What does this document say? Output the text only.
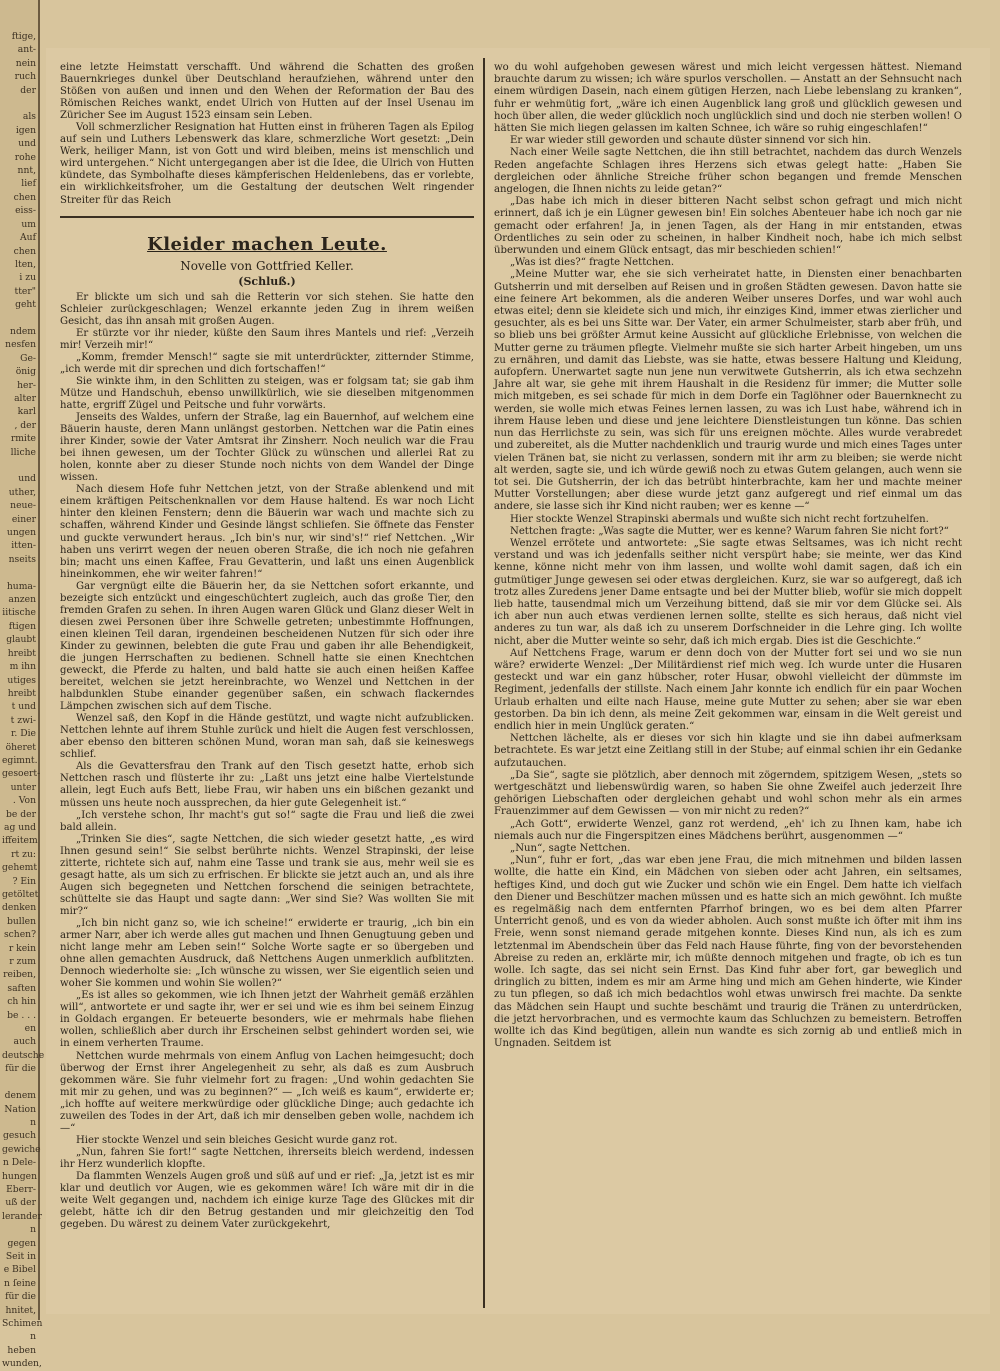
ftige,
ant-
nein
ruch
der

als
igen
und
rohe
nnt,
lief
chen
eiss-
um
Auf
chen
lten,
i zu
tter"
geht

ndem
nesfen
Ge-
önig
her-
alter
karl
, der
rmite
lliche

und
uther,
neue-
einer
ungen
itten-
nseits

huma-
anzen
iitische
ftigen
glaubt
hreibt
m ihn
utiges
hreibt
t und
t zwi-
r. Die
öheret
egimnt.
gesoert-
unter
. Von
be der
ag und
iffeitem
rt zu:
gehemt
? Ein
getöltet
denken
bullen
schen?
r kein
r zum
reiben,
saften
ch hin
be . . .
en auch
deutsche
für die

denem
Nation
n gesuch
gewiche
n Dele-
hungen
Eberr-
uß der
lerander
n gegen
Seit in
e Bibel
n ſeine
für die
hnitet,
Schimen
n heben
wunden,

eine letzte Heimstatt verschafft. Und während die Schatten des großen Bauernkrieges dunkel über Deutschland heraufziehen, während unter den Stößen von außen und innen und den Wehen der Reformation der Bau des Römischen Reiches wankt, endet Ulrich von Hutten auf der Insel Usenau im Züricher See im August 1523 einsam sein Leben.

Voll schmerzlicher Resignation hat Hutten einst in früheren Tagen als Epilog auf sein und Luthers Lebenswerk das klare, schmerzliche Wort gesetzt: „Dein Werk, heiliger Mann, ist von Gott und wird bleiben, meins ist menschlich und wird untergehen.“ Nicht untergegangen aber ist die Idee, die Ulrich von Hutten kündete, das Symbolhafte dieses kämpferischen Heldenlebens, das er vorlebte, ein wirklichkeitsfroher, um die Gestaltung der deutschen Welt ringender Streiter für das Reich

Kleider machen Leute.
Novelle von Gottfried Keller.
(Schluß.)

Er blickte um sich und sah die Retterin vor sich stehen. Sie hatte den Schleier zurückgeschlagen; Wenzel erkannte jeden Zug in ihrem weißen Gesicht, das ihn ansah mit großen Augen.

Er stürzte vor ihr nieder, küßte den Saum ihres Mantels und rief: „Verzeih mir! Verzeih mir!“

„Komm, fremder Mensch!“ sagte sie mit unterdrückter, zitternder Stimme, „ich werde mit dir sprechen und dich fortschaffen!“

Sie winkte ihm, in den Schlitten zu steigen, was er folgsam tat; sie gab ihm Mütze und Handschuh, ebenso unwillkürlich, wie sie dieselben mitgenommen hatte, ergriff Zügel und Peitsche und fuhr vorwärts.

Jenseits des Waldes, unfern der Straße, lag ein Bauernhof, auf welchem eine Bäuerin hauste, deren Mann unlängst gestorben. Nettchen war die Patin eines ihrer Kinder, sowie der Vater Amtsrat ihr Zinsherr. Noch neulich war die Frau bei ihnen gewesen, um der Tochter Glück zu wünschen und allerlei Rat zu holen, konnte aber zu dieser Stunde noch nichts von dem Wandel der Dinge wissen.

Nach diesem Hofe fuhr Nettchen jetzt, von der Straße ablenkend und mit einem kräftigen Peitschenknallen vor dem Hause haltend. Es war noch Licht hinter den kleinen Fenstern; denn die Bäuerin war wach und machte sich zu schaffen, während Kinder und Gesinde längst schliefen. Sie öffnete das Fenster und guckte verwundert heraus. „Ich bin's nur, wir sind's!“ rief Nettchen. „Wir haben uns verirrt wegen der neuen oberen Straße, die ich noch nie gefahren bin; macht uns einen Kaffee, Frau Gevatterin, und laßt uns einen Augenblick hineinkommen, ehe wir weiter fahren!“

Gar vergnügt eilte die Bäuerin her, da sie Nettchen sofort erkannte, und bezeigte sich entzückt und eingeschüchtert zugleich, auch das große Tier, den fremden Grafen zu sehen. In ihren Augen waren Glück und Glanz dieser Welt in diesen zwei Personen über ihre Schwelle getreten; unbestimmte Hoffnungen, einen kleinen Teil daran, irgendeinen bescheidenen Nutzen für sich oder ihre Kinder zu gewinnen, belebten die gute Frau und gaben ihr alle Behendigkeit, die jungen Herrschaften zu bedienen. Schnell hatte sie einen Knechtchen geweckt, die Pferde zu halten, und bald hatte sie auch einen heißen Kaffee bereitet, welchen sie jetzt hereinbrachte, wo Wenzel und Nettchen in der halbdunklen Stube einander gegenüber saßen, ein schwach flackerndes Lämpchen zwischen sich auf dem Tische.

Wenzel saß, den Kopf in die Hände gestützt, und wagte nicht aufzublicken. Nettchen lehnte auf ihrem Stuhle zurück und hielt die Augen fest verschlossen, aber ebenso den bitteren schönen Mund, woran man sah, daß sie keineswegs schlief.

Als die Gevattersfrau den Trank auf den Tisch gesetzt hatte, erhob sich Nettchen rasch und flüsterte ihr zu: „Laßt uns jetzt eine halbe Viertelstunde allein, legt Euch aufs Bett, liebe Frau, wir haben uns ein bißchen gezankt und müssen uns heute noch aussprechen, da hier gute Gelegenheit ist.“

„Ich verstehe schon, Ihr macht's gut so!“ sagte die Frau und ließ die zwei bald allein.

„Trinken Sie dies“, sagte Nettchen, die sich wieder gesetzt hatte, „es wird Ihnen gesund sein!“ Sie selbst berührte nichts. Wenzel Strapinski, der leise zitterte, richtete sich auf, nahm eine Tasse und trank sie aus, mehr weil sie es gesagt hatte, als um sich zu erfrischen. Er blickte sie jetzt auch an, und als ihre Augen sich begegneten und Nettchen forschend die seinigen betrachtete, schüttelte sie das Haupt und sagte dann: „Wer sind Sie? Was wollten Sie mit mir?“

„Ich bin nicht ganz so, wie ich scheine!“ erwiderte er traurig, „ich bin ein armer Narr, aber ich werde alles gut machen und Ihnen Genugtuung geben und nicht lange mehr am Leben sein!“ Solche Worte sagte er so übergeben und ohne allen gemachten Ausdruck, daß Nettchens Augen unmerklich aufblitzten. Dennoch wiederholte sie: „Ich wünsche zu wissen, wer Sie eigentlich seien und woher Sie kommen und wohin Sie wollen?“

„Es ist alles so gekommen, wie ich Ihnen jetzt der Wahrheit gemäß erzählen will“, antwortete er und sagte ihr, wer er sei und wie es ihm bei seinem Einzug in Goldach ergangen. Er beteuerte besonders, wie er mehrmals habe fliehen wollen, schließlich aber durch ihr Erscheinen selbst gehindert worden sei, wie in einem verherten Traume.

Nettchen wurde mehrmals von einem Anflug von Lachen heimgesucht; doch überwog der Ernst ihrer Angelegenheit zu sehr, als daß es zum Ausbruch gekommen wäre. Sie fuhr vielmehr fort zu fragen: „Und wohin gedachten Sie mit mir zu gehen, und was zu beginnen?“ — „Ich weiß es kaum“, erwiderte er; „ich hoffte auf weitere merkwürdige oder glückliche Dinge; auch gedachte ich zuweilen des Todes in der Art, daß ich mir denselben geben wolle, nachdem ich —“

Hier stockte Wenzel und sein bleiches Gesicht wurde ganz rot.

„Nun, fahren Sie fort!“ sagte Nettchen, ihrerseits bleich werdend, indessen ihr Herz wunderlich klopfte.

Da flammten Wenzels Augen groß und süß auf und er rief: „Ja, jetzt ist es mir klar und deutlich vor Augen, wie es gekommen wäre! Ich wäre mit dir in die weite Welt gegangen und, nachdem ich einige kurze Tage des Glückes mit dir gelebt, hätte ich dir den Betrug gestanden und mir gleichzeitig den Tod gegeben. Du wärest zu deinem Vater zurückgekehrt,

wo du wohl aufgehoben gewesen wärest und mich leicht vergessen hättest. Niemand brauchte darum zu wissen; ich wäre spurlos verschollen. — Anstatt an der Sehnsucht nach einem würdigen Dasein, nach einem gütigen Herzen, nach Liebe lebenslang zu kranken“, fuhr er wehmütig fort, „wäre ich einen Augenblick lang groß und glücklich gewesen und hoch über allen, die weder glücklich noch unglücklich sind und doch nie sterben wollen! O hätten Sie mich liegen gelassen im kalten Schnee, ich wäre so ruhig eingeschlafen!“

Er war wieder still geworden und schaute düster sinnend vor sich hin.

Nach einer Weile sagte Nettchen, die ihn still betrachtet, nachdem das durch Wenzels Reden angefachte Schlagen ihres Herzens sich etwas gelegt hatte: „Haben Sie dergleichen oder ähnliche Streiche früher schon begangen und fremde Menschen angelogen, die Ihnen nichts zu leide getan?“

„Das habe ich mich in dieser bitteren Nacht selbst schon gefragt und mich nicht erinnert, daß ich je ein Lügner gewesen bin! Ein solches Abenteuer habe ich noch gar nie gemacht oder erfahren! Ja, in jenen Tagen, als der Hang in mir entstanden, etwas Ordentliches zu sein oder zu scheinen, in halber Kindheit noch, habe ich mich selbst überwunden und einem Glück entsagt, das mir beschieden schien!“

„Was ist dies?“ fragte Nettchen.

„Meine Mutter war, ehe sie sich verheiratet hatte, in Diensten einer benachbarten Gutsherrin und mit derselben auf Reisen und in großen Städten gewesen. Davon hatte sie eine feinere Art bekommen, als die anderen Weiber unseres Dorfes, und war wohl auch etwas eitel; denn sie kleidete sich und mich, ihr einziges Kind, immer etwas zierlicher und gesuchter, als es bei uns Sitte war. Der Vater, ein armer Schulmeister, starb aber früh, und so blieb uns bei größter Armut keine Aussicht auf glückliche Erlebnisse, von welchen die Mutter gerne zu träumen pflegte. Vielmehr mußte sie sich harter Arbeit hingeben, um uns zu ernähren, und damit das Liebste, was sie hatte, etwas bessere Haltung und Kleidung, aufopfern. Unerwartet sagte nun jene nun verwitwete Gutsherrin, als ich etwa sechzehn Jahre alt war, sie gehe mit ihrem Haushalt in die Residenz für immer; die Mutter solle mich mitgeben, es sei schade für mich in dem Dorfe ein Taglöhner oder Bauernknecht zu werden, sie wolle mich etwas Feines lernen lassen, zu was ich Lust habe, während ich in ihrem Hause leben und diese und jene leichtere Dienstleistungen tun könne. Das schien nun das Herrlichste zu sein, was sich für uns ereignen möchte. Alles wurde verabredet und zubereitet, als die Mutter nachdenklich und traurig wurde und mich eines Tages unter vielen Tränen bat, sie nicht zu verlassen, sondern mit ihr arm zu bleiben; sie werde nicht alt werden, sagte sie, und ich würde gewiß noch zu etwas Gutem gelangen, auch wenn sie tot sei. Die Gutsherrin, der ich das betrübt hinterbrachte, kam her und machte meiner Mutter Vorstellungen; aber diese wurde jetzt ganz aufgeregt und rief einmal um das andere, sie lasse sich ihr Kind nicht rauben; wer es kenne —“

Hier stockte Wenzel Strapinski abermals und wußte sich nicht recht fortzuhelfen.

Nettchen fragte: „Was sagte die Mutter, wer es kenne? Warum fahren Sie nicht fort?“

Wenzel errötete und antwortete: „Sie sagte etwas Seltsames, was ich nicht recht verstand und was ich jedenfalls seither nicht verspürt habe; sie meinte, wer das Kind kenne, könne nicht mehr von ihm lassen, und wollte wohl damit sagen, daß ich ein gutmütiger Junge gewesen sei oder etwas dergleichen. Kurz, sie war so aufgeregt, daß ich trotz alles Zuredens jener Dame entsagte und bei der Mutter blieb, wofür sie mich doppelt lieb hatte, tausendmal mich um Verzeihung bittend, daß sie mir vor dem Glücke sei. Als ich aber nun auch etwas verdienen lernen sollte, stellte es sich heraus, daß nicht viel anderes zu tun war, als daß ich zu unserem Dorfschneider in die Lehre ging. Ich wollte nicht, aber die Mutter weinte so sehr, daß ich mich ergab. Dies ist die Geschichte.“

Auf Nettchens Frage, warum er denn doch von der Mutter fort sei und wo sie nun wäre? erwiderte Wenzel: „Der Militärdienst rief mich weg. Ich wurde unter die Husaren gesteckt und war ein ganz hübscher, roter Husar, obwohl vielleicht der dümmste im Regiment, jedenfalls der stillste. Nach einem Jahr konnte ich endlich für ein paar Wochen Urlaub erhalten und eilte nach Hause, meine gute Mutter zu sehen; aber sie war eben gestorben. Da bin ich denn, als meine Zeit gekommen war, einsam in die Welt gereist und endlich hier in mein Unglück geraten.“

Nettchen lächelte, als er dieses vor sich hin klagte und sie ihn dabei aufmerksam betrachtete. Es war jetzt eine Zeitlang still in der Stube; auf einmal schien ihr ein Gedanke aufzutauchen.

„Da Sie“, sagte sie plötzlich, aber dennoch mit zögerndem, spitzigem Wesen, „stets so wertgeschätzt und liebenswürdig waren, so haben Sie ohne Zweifel auch jederzeit Ihre gehörigen Liebschaften oder dergleichen gehabt und wohl schon mehr als ein armes Frauenzimmer auf dem Gewissen — von mir nicht zu reden?“

„Ach Gott“, erwiderte Wenzel, ganz rot werdend, „eh' ich zu Ihnen kam, habe ich niemals auch nur die Fingerspitzen eines Mädchens berührt, ausgenommen —“

„Nun“, sagte Nettchen.

„Nun“, fuhr er fort, „das war eben jene Frau, die mich mitnehmen und bilden lassen wollte, die hatte ein Kind, ein Mädchen von sieben oder acht Jahren, ein seltsames, heftiges Kind, und doch gut wie Zucker und schön wie ein Engel. Dem hatte ich vielfach den Diener und Beschützer machen müssen und es hatte sich an mich gewöhnt. Ich mußte es regelmäßig nach dem entfernten Pfarrhof bringen, wo es bei dem alten Pfarrer Unterricht genoß, und es von da wieder abholen. Auch sonst mußte ich öfter mit ihm ins Freie, wenn sonst niemand gerade mitgehen konnte. Dieses Kind nun, als ich es zum letztenmal im Abendschein über das Feld nach Hause führte, fing von der bevorstehenden Abreise zu reden an, erklärte mir, ich müßte dennoch mitgehen und fragte, ob ich es tun wolle. Ich sagte, das sei nicht sein Ernst. Das Kind fuhr aber fort, gar beweglich und dringlich zu bitten, indem es mir am Arme hing und mich am Gehen hinderte, wie Kinder zu tun pflegen, so daß ich mich bedachtlos wohl etwas unwirsch frei machte. Da senkte das Mädchen sein Haupt und suchte beschämt und traurig die Tränen zu unterdrücken, die jetzt hervorbrachen, und es vermochte kaum das Schluchzen zu bemeistern. Betroffen wollte ich das Kind begütigen, allein nun wandte es sich zornig ab und entließ mich in Ungnaden. Seitdem ist
